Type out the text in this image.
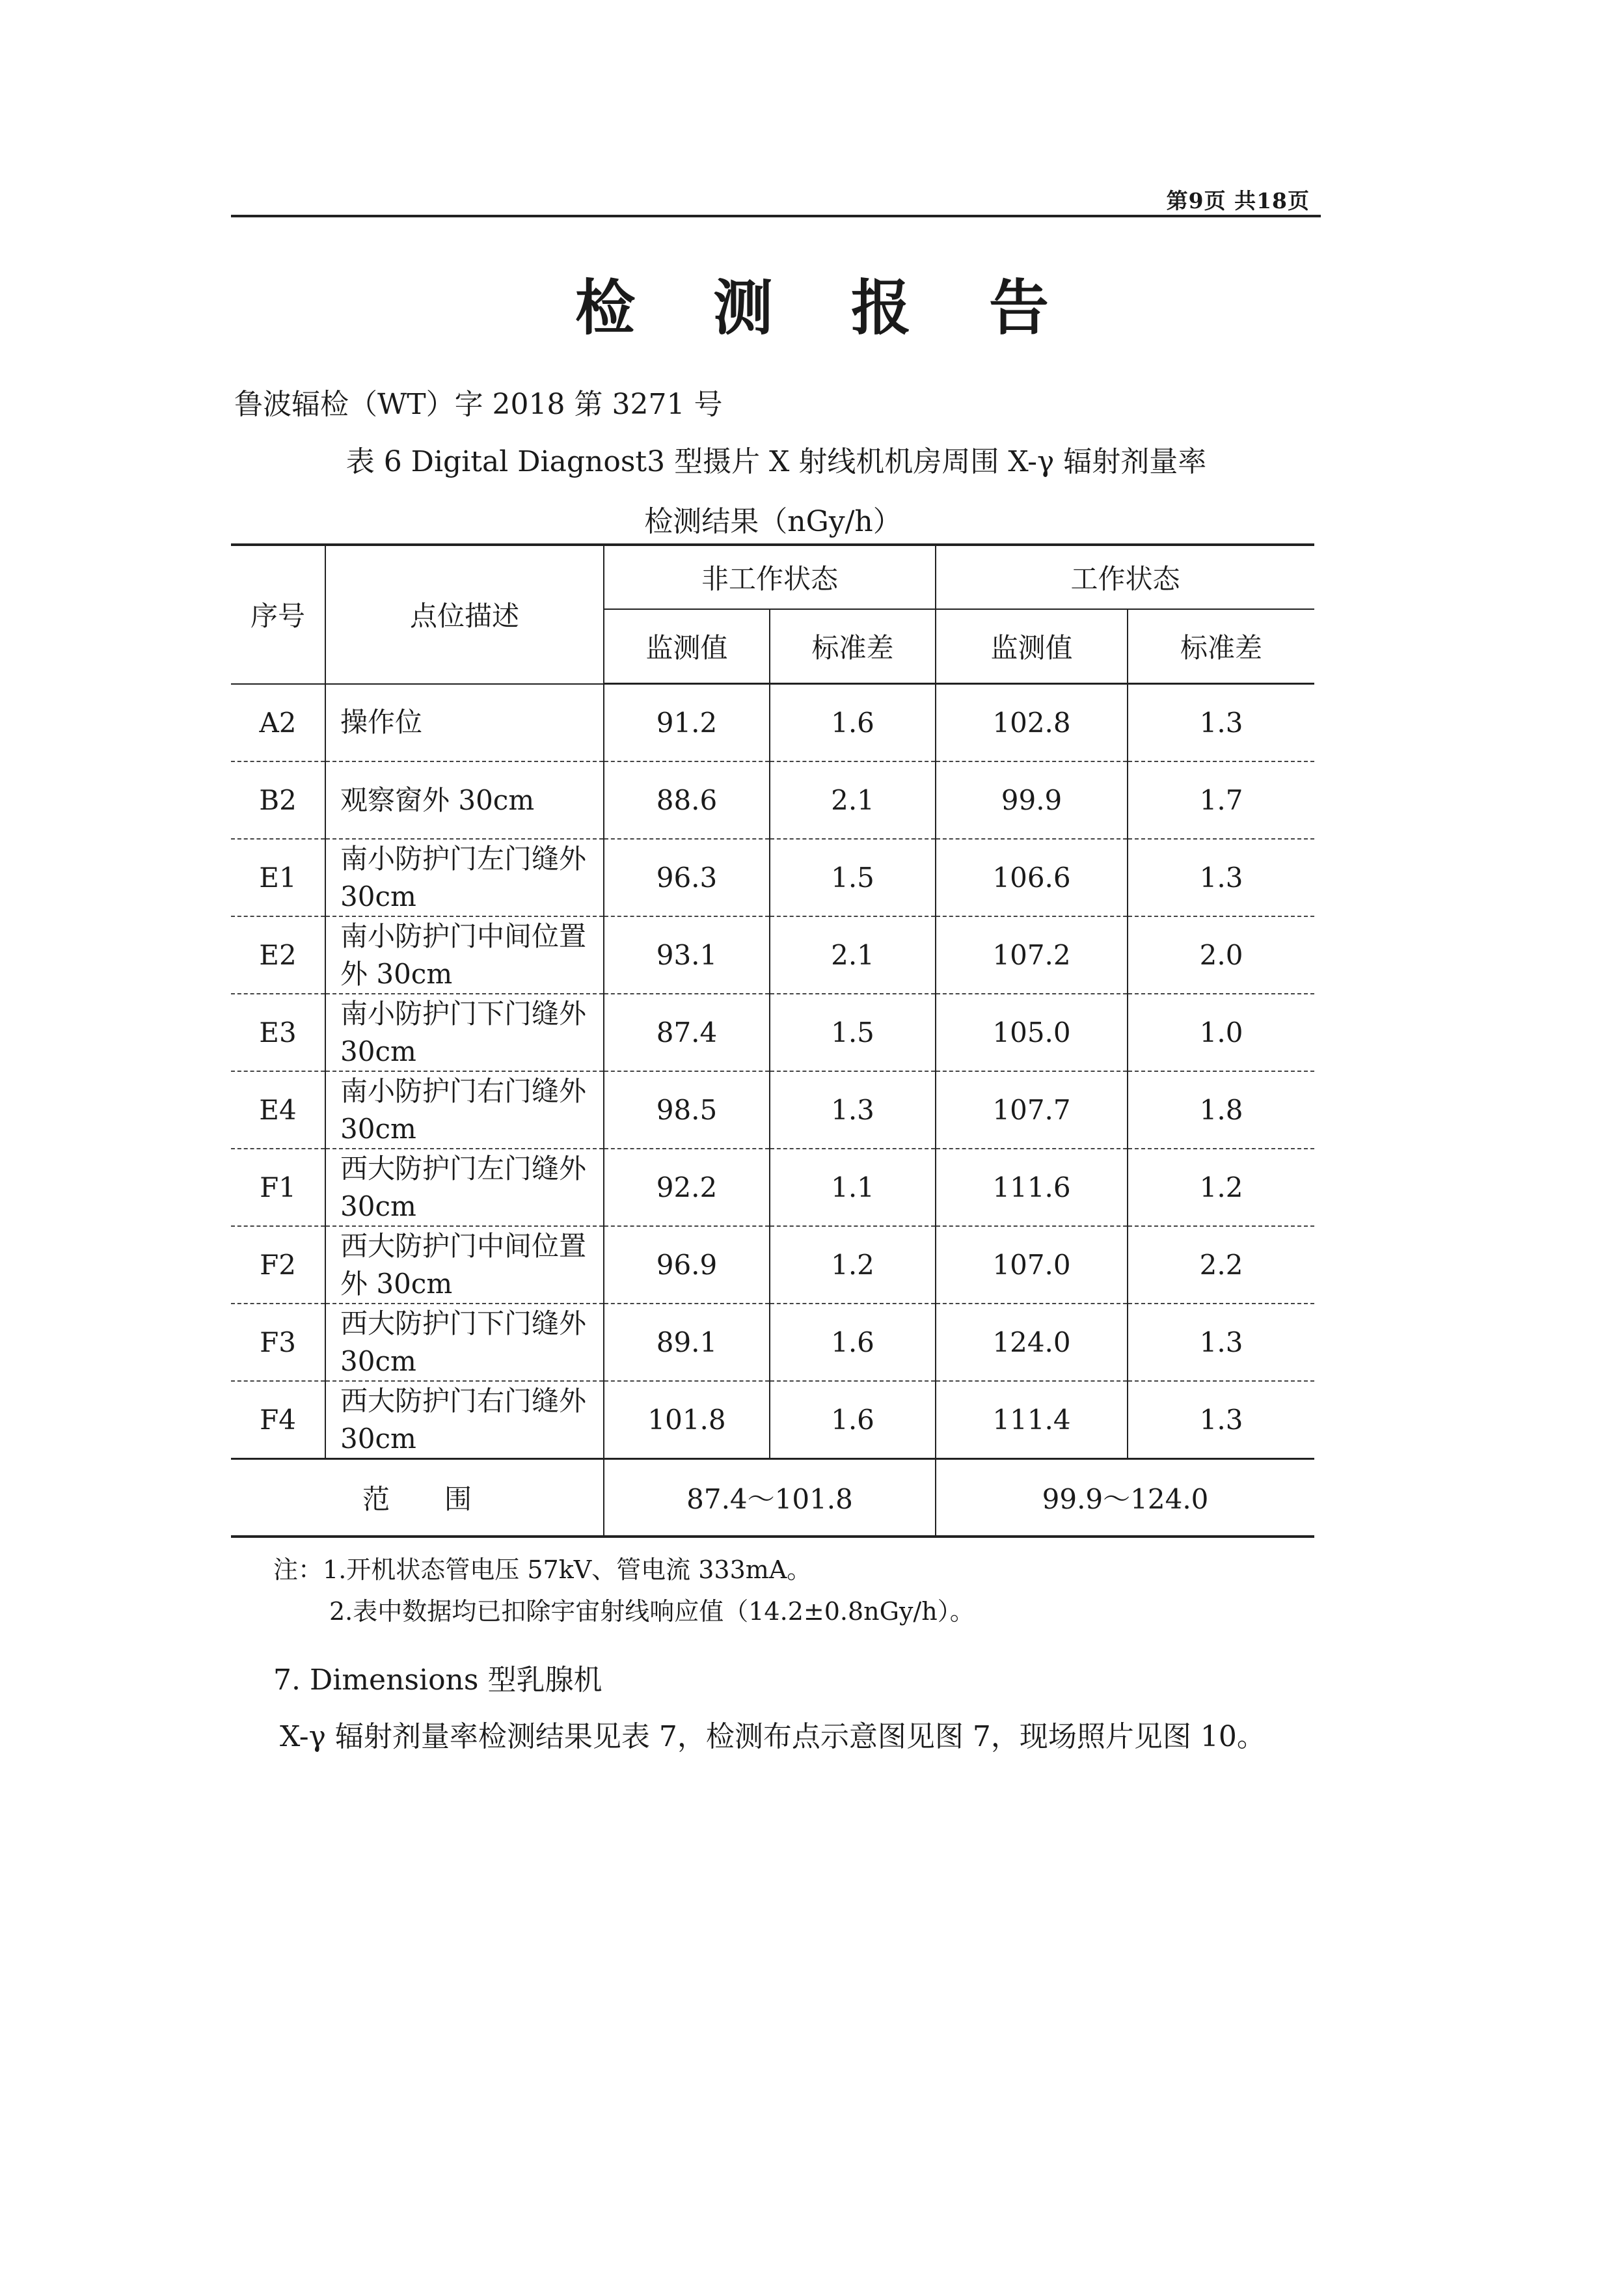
第9页 共18页
检 测 报 告
鲁波辐检（WT）字 2018 第 3271 号
表 6 Digital Diagnost3 型摄片 X 射线机机房周围 X-γ 辐射剂量率
检测结果（nGy/h）
序号	点位描述	非工作状态		工作状态	
		监测值	标准差	监测值	标准差
A2	操作位	91.2	1.6	102.8	1.3
B2	观察窗外 30cm	88.6	2.1	99.9	1.7
E1	南小防护门左门缝外 30cm	96.3	1.5	106.6	1.3
E2	南小防护门中间位置外 30cm	93.1	2.1	107.2	2.0
E3	南小防护门下门缝外 30cm	87.4	1.5	105.0	1.0
E4	南小防护门右门缝外 30cm	98.5	1.3	107.7	1.8
F1	西大防护门左门缝外 30cm	92.2	1.1	111.6	1.2
F2	西大防护门中间位置外 30cm	96.9	1.2	107.0	2.2
F3	西大防护门下门缝外 30cm	89.1	1.6	124.0	1.3
F4	西大防护门右门缝外 30cm	101.8	1.6	111.4	1.3
范　　围		87.4～101.8		99.9～124.0	
注：1.开机状态管电压 57kV、管电流 333mA。
2.表中数据均已扣除宇宙射线响应值（14.2±0.8nGy/h）。
7. Dimensions 型乳腺机
X-γ 辐射剂量率检测结果见表 7，检测布点示意图见图 7，现场照片见图 10。
